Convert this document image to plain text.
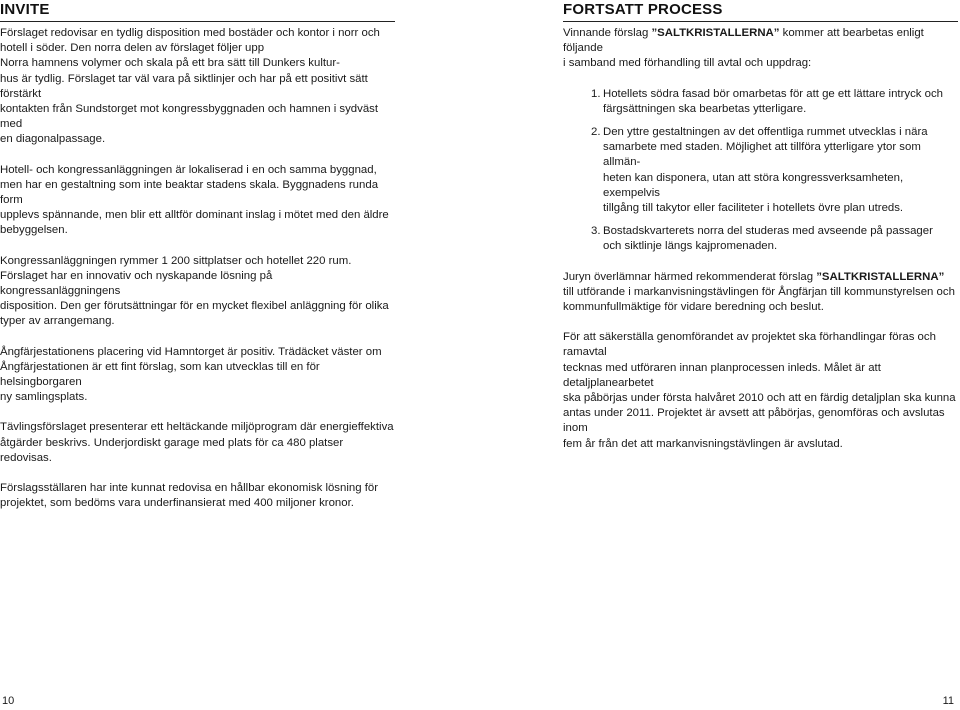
INVITE

Förslaget redovisar en tydlig disposition med bostäder och kontor i norr och
hotell i söder. Den norra delen av förslaget följer upp
Norra hamnens volymer och skala på ett bra sätt till Dunkers kultur-
hus är tydlig. Förslaget tar väl vara på siktlinjer och har på ett positivt sätt förstärkt
kontakten från Sundstorget mot kongressbyggnaden och hamnen i sydväst med
en diagonalpassage.

Hotell- och kongressanläggningen är lokaliserad i en och samma byggnad,
men har en gestaltning som inte beaktar stadens skala. Byggnadens runda form
upplevs spännande, men blir ett alltför dominant inslag i mötet med den äldre
bebyggelsen.

Kongressanläggningen rymmer 1 200 sittplatser och hotellet 220 rum.
Förslaget har en innovativ och nyskapande lösning på kongressanläggningens
disposition. Den ger förutsättningar för en mycket flexibel anläggning för olika
typer av arrangemang.

Ångfärjestationens placering vid Hamntorget är positiv. Trädäcket väster om
Ångfärjestationen är ett fint förslag, som kan utvecklas till en för helsingborgaren
ny samlingsplats.

Tävlingsförslaget presenterar ett heltäckande miljöprogram där energieffektiva
åtgärder beskrivs. Underjordiskt garage med plats för ca 480 platser redovisas.

Förslagsställaren har inte kunnat redovisa en hållbar ekonomisk lösning för
projektet, som bedöms vara underfinansierat med 400 miljoner kronor.

FORTSATT PROCESS

Vinnande förslag ”SALTKRISTALLERNA” kommer att bearbetas enligt följande
i samband med förhandling till avtal och uppdrag:

1. Hotellets södra fasad bör omarbetas för att ge ett lättare intryck och
färgsättningen ska bearbetas ytterligare.
2. Den yttre gestaltningen av det offentliga rummet utvecklas i nära
samarbete med staden. Möjlighet att tillföra ytterligare ytor som allmän-
heten kan disponera, utan att störa kongressverksamheten, exempelvis
tillgång till takytor eller faciliteter i hotellets övre plan utreds.
3. Bostadskvarterets norra del studeras med avseende på passager
och siktlinje längs kajpromenaden.

Juryn överlämnar härmed rekommenderat förslag ”SALTKRISTALLERNA”
till utförande i markanvisningstävlingen för Ångfärjan till kommunstyrelsen och
kommunfullmäktige för vidare beredning och beslut.

För att säkerställa genomförandet av projektet ska förhandlingar föras och ramavtal
tecknas med utföraren innan planprocessen inleds. Målet är att detaljplanearbetet
ska påbörjas under första halvåret 2010 och att en färdig detaljplan ska kunna
antas under 2011. Projektet är avsett att påbörjas, genomföras och avslutas inom
fem år från det att markanvisningstävlingen är avslutad.

10	11
